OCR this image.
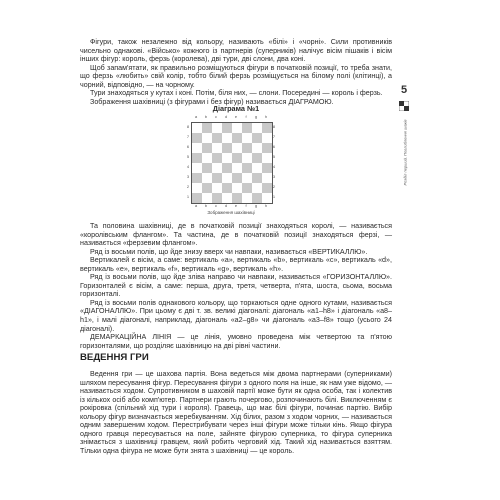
Фігури, також незалежно від кольору, називають «білі» і «чорні». Сили противників чисельно однакові. «Військо» кожного із партнерів (суперників) налічує вісім пішаків і вісім інших фігур: король, ферзь (королева), дві тури, дві слони, два коні.

Щоб запам'ятати, як правильно розміщуються фігури в початковій позиції, то треба знати, що ферзь «любить» свій колір, тобто білий ферзь розміщується на білому полі (клітинці), а чорний, відповідно, — на чорному.

Тури знаходяться у кутах і коні. Потім, біля них, — слони. Посередині — король і ферзь.

Зображення шахівниці (з фігурами і без фігур) називається ДІАГРАМОЮ.

Діаграма №1
a	b	c	d	e	f	g	h
8
7
6
5
4
3
2
1
8
7
6
5
4
3
2
1
a	b	c	d	e	f	g	h
Зображення шахівниці

Та половина шахівниці, де в початковій позиції знаходяться королі, — називається «королівським флангом». Та частина, де в початковій позиції знаходяться ферзі, — називається «ферзевим флангом».

Ряд із восьми полів, що йде знизу вверх чи навпаки, називається «ВЕРТИКАЛЛЮ».

Вертикалей є вісім, а саме: вертикаль «а», вертикаль «b», вертикаль «c», вертикаль «d», вертикаль «e», вертикаль «f», вертикаль «g», вертикаль «h».

Ряд із восьми полів, що йде зліва направо чи навпаки, називається «ГОРИЗОНТАЛЛЮ». Горизонталей є вісім, а саме: перша, друга, третя, четверта, п'ята, шоста, сьома, восьма горизонталі.

Ряд із восьми полів однакового кольору, що торкаються одне одного кутами, називається «ДІАГОНАЛЛЮ». При цьому є дві т. зв. великі діагоналі: діагональ «a1–h8» і діагональ «a8–h1», і малі діагоналі, наприклад, діагональ «a2–g8» чи діагональ «a3–f8» тощо (усього 24 діагоналі).

ДЕМАРКАЦІЙНА ЛІНІЯ — це лінія, умовно проведена між четвертою та п'ятою горизонталями, що розділяє шахівницю на дві рівні частини.

ВЕДЕННЯ ГРИ

Ведення гри — це шахова партія. Вона ведеться між двома партнерами (суперниками) шляхом пересування фігур. Пересування фігури з одного поля на інше, як нам уже відомо, — називається ходом. Супротивником в шаховій партії може бути як одна особа, так і колектив із кількох осіб або комп'ютер. Партнери грають почергово, розпочинають білі. Виключенням є рокіровка (спільний хід тури і короля). Гравець, що має білі фігури, починає партію. Вибір кольору фігур визначається жеребкуванням. Хід білих, разом з ходом чорних, — називається одним завершеним ходом. Перестрибувати через інші фігури може тільки кінь. Якщо фігура одного гравця пересувається на поле, зайняте фігурою суперника, то фігура суперника знімається з шахівниці гравцем, який робить черговий хід. Такий хід називається взяттям. Тільки одна фігура не може бути знята з шахівниці — це король.

5
Розділ перший. Поглиблення шахів
